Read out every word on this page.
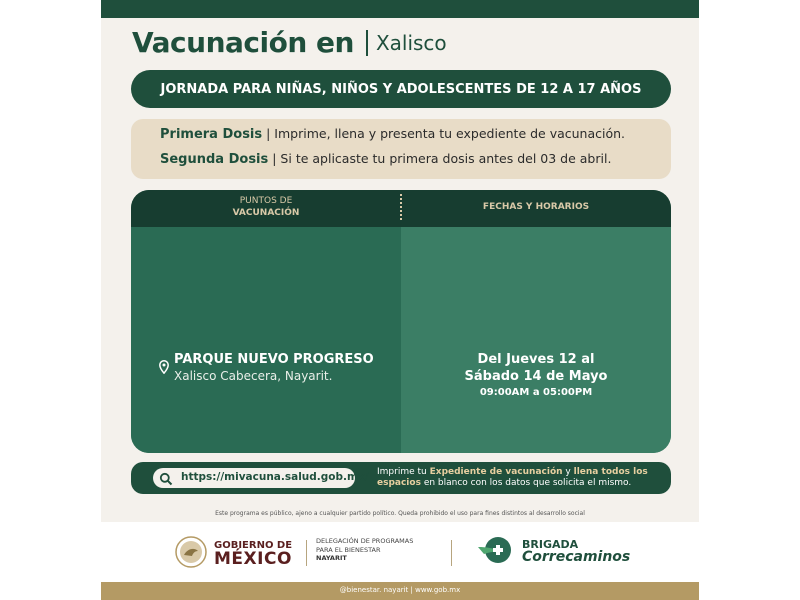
Vacunación en Xalisco
JORNADA PARA NIÑAS, NIÑOS Y ADOLESCENTES DE 12 A 17 AÑOS
Primera Dosis | Imprime, llena y presenta tu expediente de vacunación.
Segunda Dosis | Si te aplicaste tu primera dosis antes del 03 de abril.
PUNTOS DE
VACUNACIÓN
FECHAS Y HORARIOS
PARQUE NUEVO PROGRESO
Xalisco Cabecera, Nayarit.
Del Jueves 12 al
Sábado 14 de Mayo
09:00AM a 05:00PM
https://mivacuna.salud.gob.mx/ Imprime tu Expediente de vacunación y llena todos los espacios en blanco con los datos que solicita el mismo.
Este programa es público, ajeno a cualquier partido político. Queda prohibido el uso para fines distintos al desarrollo social
GOBIERNO DE
MÉXICO
DELEGACIÓN DE PROGRAMAS
PARA EL BIENESTAR
NAYARIT
BRIGADA
Correcaminos
@bienestar. nayarit | www.gob.mx
